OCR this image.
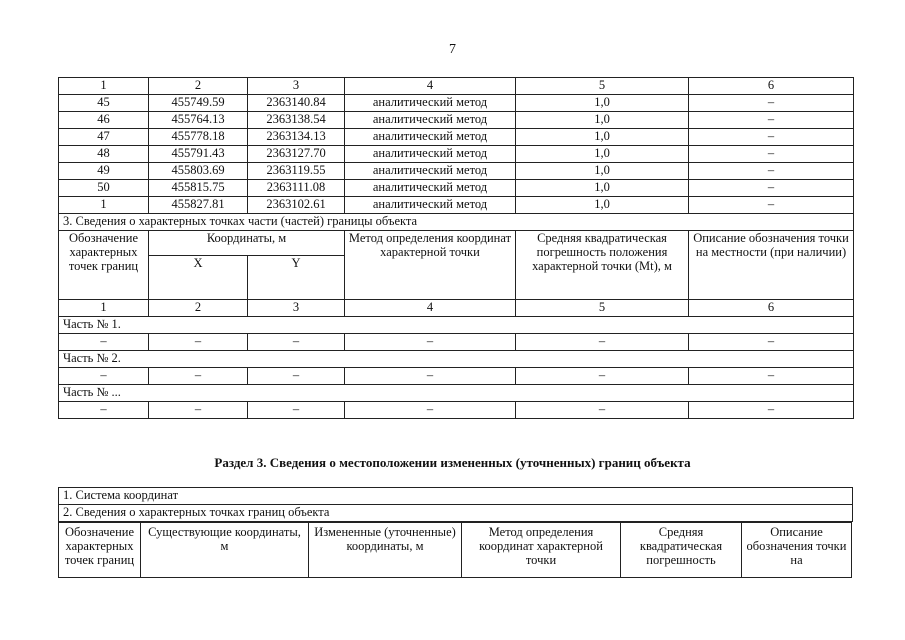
7
1	2	3	4	5	6
45	455749.59	2363140.84	аналитический метод	1,0	–
46	455764.13	2363138.54	аналитический метод	1,0	–
47	455778.18	2363134.13	аналитический метод	1,0	–
48	455791.43	2363127.70	аналитический метод	1,0	–
49	455803.69	2363119.55	аналитический метод	1,0	–
50	455815.75	2363111.08	аналитический метод	1,0	–
1	455827.81	2363102.61	аналитический метод	1,0	–
3. Сведения о характерных точках части (частей) границы объекта					
Обозначение характерных точек границ	Координаты, м		Метод определения координат характерной точки	Средняя квадратическая погрешность положения характерной точки (Mt), м	Описание обозначения точки на местности (при наличии)
	X	Y			
1	2	3	4	5	6
Часть № 1.					
–	–	–	–	–	–
Часть № 2.					
–	–	–	–	–	–
Часть № ...					
–	–	–	–	–	–
Раздел 3. Сведения о местоположении измененных (уточненных) границ объекта
1. Система координат
2. Сведения о характерных точках границ объекта
Обозначение характерных точек границ	Существующие координаты, м	Измененные (уточненные) координаты, м	Метод определения координат характерной точки	Средняя квадратическая погрешность	Описание обозначения точки на
